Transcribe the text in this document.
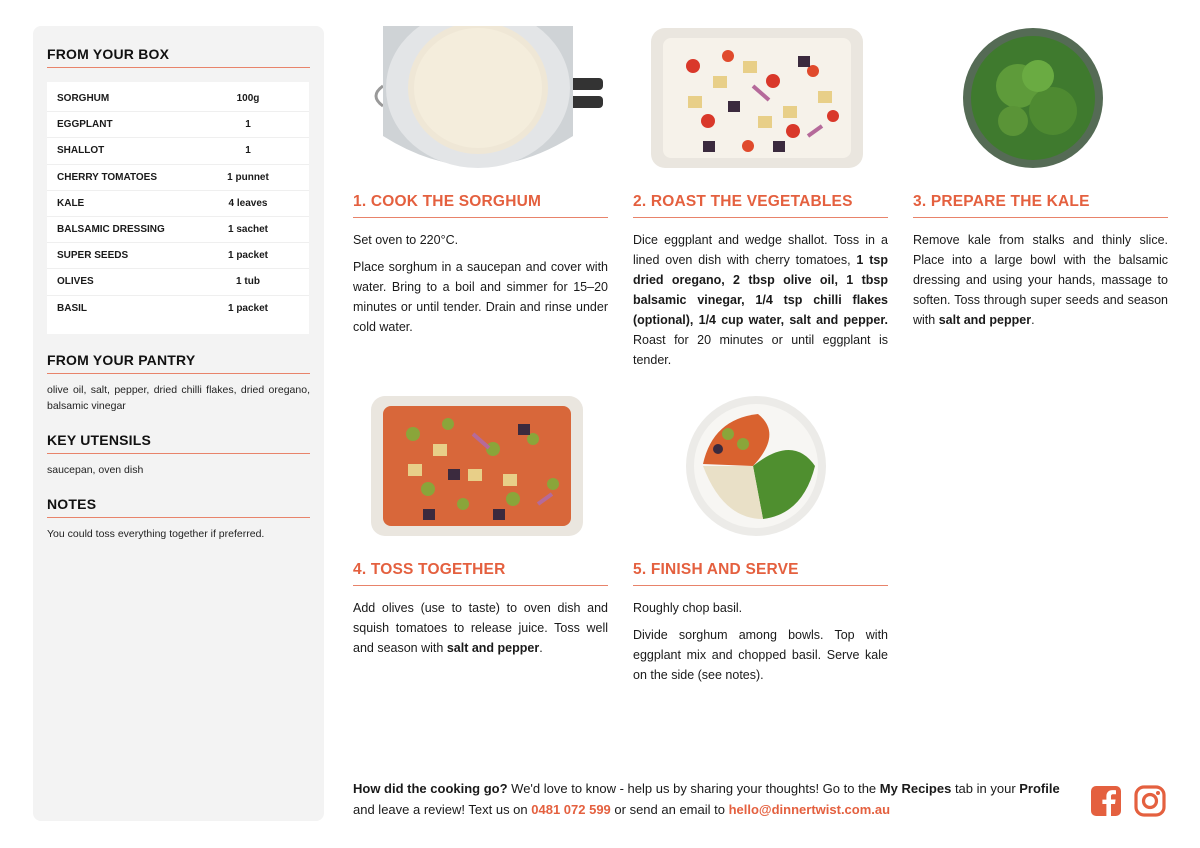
FROM YOUR BOX
SORGHUM	100g
EGGPLANT	1
SHALLOT	1
CHERRY TOMATOES	1 punnet
KALE	4 leaves
BALSAMIC DRESSING	1 sachet
SUPER SEEDS	1 packet
OLIVES	1 tub
BASIL	1 packet
FROM YOUR PANTRY
olive oil, salt, pepper, dried chilli flakes, dried oregano, balsamic vinegar
KEY UTENSILS
saucepan, oven dish
NOTES
You could toss everything together if preferred.
1. COOK THE SORGHUM

Set oven to 220°C.

Place sorghum in a saucepan and cover with water. Bring to a boil and simmer for 15–20 minutes or until tender. Drain and rinse under cold water.

2. ROAST THE VEGETABLES

Dice eggplant and wedge shallot. Toss in a lined oven dish with cherry tomatoes, 1 tsp dried oregano, 2 tbsp olive oil, 1 tbsp balsamic vinegar, 1/4 tsp chilli flakes (optional), 1/4 cup water, salt and pepper. Roast for 20 minutes or until eggplant is tender.

3. PREPARE THE KALE

Remove kale from stalks and thinly slice. Place into a large bowl with the balsamic dressing and using your hands, massage to soften. Toss through super seeds and season with salt and pepper.

4. TOSS TOGETHER

Add olives (use to taste) to oven dish and squish tomatoes to release juice. Toss well and season with salt and pepper.

5. FINISH AND SERVE

Roughly chop basil.

Divide sorghum among bowls. Top with eggplant mix and chopped basil. Serve kale on the side (see notes).

How did the cooking go? We'd love to know - help us by sharing your thoughts! Go to the My Recipes tab in your Profile and leave a review! Text us on 0481 072 599 or send an email to hello@dinnertwist.com.au
